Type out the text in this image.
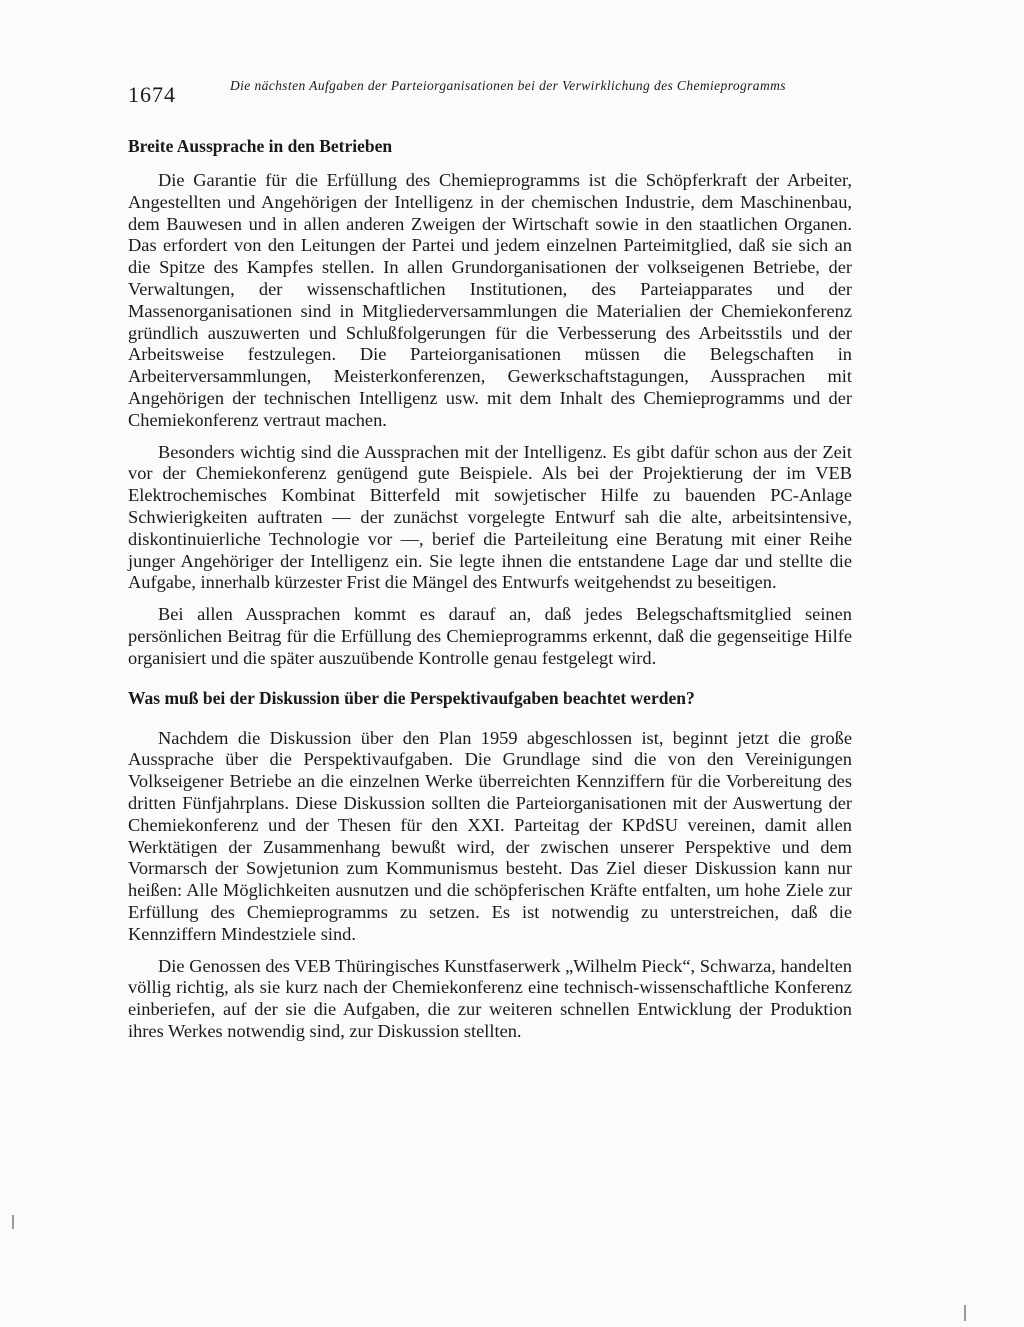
1674	Die nächsten Aufgaben der Parteiorganisationen bei der Verwirklichung des Chemieprogramms
Breite Aussprache in den Betrieben

Die Garantie für die Erfüllung des Chemieprogramms ist die Schöpferkraft der Arbeiter, Angestellten und Angehörigen der Intelligenz in der chemischen Industrie, dem Maschinenbau, dem Bauwesen und in allen anderen Zweigen der Wirtschaft sowie in den staatlichen Organen. Das erfordert von den Leitungen der Partei und jedem einzelnen Parteimitglied, daß sie sich an die Spitze des Kampfes stellen. In allen Grundorganisationen der volkseigenen Betriebe, der Verwaltungen, der wissenschaftlichen Institutionen, des Parteiapparates und der Massenorganisationen sind in Mitgliederversammlungen die Materialien der Chemiekonferenz gründlich auszuwerten und Schlußfolgerungen für die Verbesserung des Arbeitsstils und der Arbeitsweise festzulegen. Die Parteiorganisationen müssen die Belegschaften in Arbeiterversammlungen, Meisterkonferenzen, Gewerkschaftstagungen, Aussprachen mit Angehörigen der technischen Intelligenz usw. mit dem Inhalt des Chemieprogramms und der Chemiekonferenz vertraut machen.

Besonders wichtig sind die Aussprachen mit der Intelligenz. Es gibt dafür schon aus der Zeit vor der Chemiekonferenz genügend gute Beispiele. Als bei der Projektierung der im VEB Elektrochemisches Kombinat Bitterfeld mit sowjetischer Hilfe zu bauenden PC-Anlage Schwierigkeiten auftraten — der zunächst vorgelegte Entwurf sah die alte, arbeitsintensive, diskontinuierliche Technologie vor —, berief die Parteileitung eine Beratung mit einer Reihe junger Angehöriger der Intelligenz ein. Sie legte ihnen die entstandene Lage dar und stellte die Aufgabe, innerhalb kürzester Frist die Mängel des Entwurfs weitgehendst zu beseitigen.

Bei allen Aussprachen kommt es darauf an, daß jedes Belegschaftsmitglied seinen persönlichen Beitrag für die Erfüllung des Chemieprogramms erkennt, daß die gegenseitige Hilfe organisiert und die später auszuübende Kontrolle genau festgelegt wird.

Was muß bei der Diskussion über die Perspektivaufgaben beachtet werden?

Nachdem die Diskussion über den Plan 1959 abgeschlossen ist, beginnt jetzt die große Aussprache über die Perspektivaufgaben. Die Grundlage sind die von den Vereinigungen Volkseigener Betriebe an die einzelnen Werke überreichten Kennziffern für die Vorbereitung des dritten Fünfjahrplans. Diese Diskussion sollten die Parteiorganisationen mit der Auswertung der Chemiekonferenz und der Thesen für den XXI. Parteitag der KPdSU vereinen, damit allen Werktätigen der Zusammenhang bewußt wird, der zwischen unserer Perspektive und dem Vormarsch der Sowjetunion zum Kommunismus besteht. Das Ziel dieser Diskussion kann nur heißen: Alle Möglichkeiten ausnutzen und die schöpferischen Kräfte entfalten, um hohe Ziele zur Erfüllung des Chemieprogramms zu setzen. Es ist notwendig zu unterstreichen, daß die Kennziffern Mindestziele sind.

Die Genossen des VEB Thüringisches Kunstfaserwerk „Wilhelm Pieck“, Schwarza, handelten völlig richtig, als sie kurz nach der Chemiekonferenz eine technisch-wissenschaftliche Konferenz einberiefen, auf der sie die Aufgaben, die zur weiteren schnellen Entwicklung der Produktion ihres Werkes notwendig sind, zur Diskussion stellten.
